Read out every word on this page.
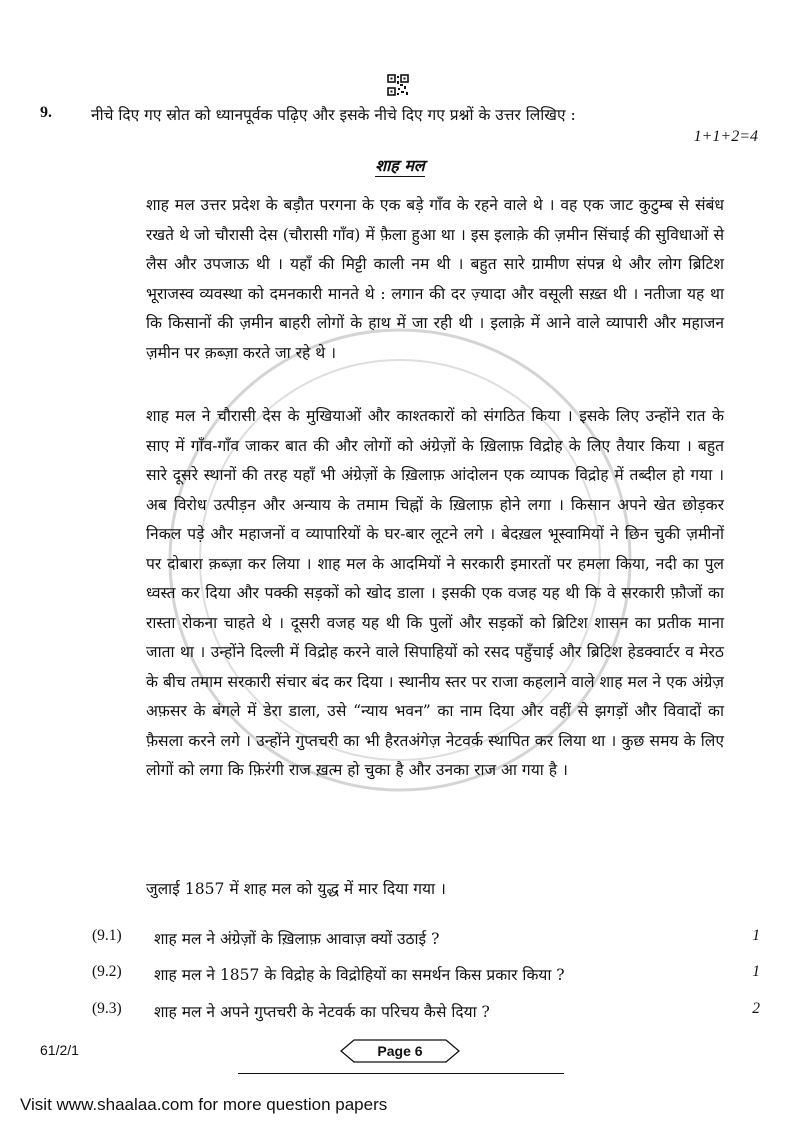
9.	नीचे दिए गए स्रोत को ध्यानपूर्वक पढ़िए और इसके नीचे दिए गए प्रश्नों के उत्तर लिखिए :
1+1+2=4
शाह मल
शाह मल उत्तर प्रदेश के बड़ौत परगना के एक बड़े गाँव के रहने वाले थे । वह एक जाट कुटुम्ब से संबंध रखते थे जो चौरासी देस (चौरासी गाँव) में फ़ैला हुआ था । इस इलाक़े की ज़मीन सिंचाई की सुविधाओं से लैस और उपजाऊ थी । यहाँ की मिट्टी काली नम थी । बहुत सारे ग्रामीण संपन्न थे और लोग ब्रिटिश भूराजस्व व्यवस्था को दमनकारी मानते थे : लगान की दर ज़्यादा और वसूली सख़्त थी । नतीजा यह था कि किसानों की ज़मीन बाहरी लोगों के हाथ में जा रही थी । इलाक़े में आने वाले व्यापारी और महाजन ज़मीन पर क़ब्ज़ा करते जा रहे थे ।
शाह मल ने चौरासी देस के मुखियाओं और काश्तकारों को संगठित किया । इसके लिए उन्होंने रात के साए में गाँव-गाँव जाकर बात की और लोगों को अंग्रेज़ों के ख़िलाफ़ विद्रोह के लिए तैयार किया । बहुत सारे दूसरे स्थानों की तरह यहाँ भी अंग्रेज़ों के ख़िलाफ़ आंदोलन एक व्यापक विद्रोह में तब्दील हो गया । अब विरोध उत्पीड़न और अन्याय के तमाम चिह्नों के ख़िलाफ़ होने लगा । किसान अपने खेत छोड़कर निकल पड़े और महाजनों व व्यापारियों के घर-बार लूटने लगे । बेदख़ल भूस्वामियों ने छिन चुकी ज़मीनों पर दोबारा क़ब्ज़ा कर लिया । शाह मल के आदमियों ने सरकारी इमारतों पर हमला किया, नदी का पुल ध्वस्त कर दिया और पक्की सड़कों को खोद डाला । इसकी एक वजह यह थी कि वे सरकारी फ़ौजों का रास्ता रोकना चाहते थे । दूसरी वजह यह थी कि पुलों और सड़कों को ब्रिटिश शासन का प्रतीक माना जाता था । उन्होंने दिल्ली में विद्रोह करने वाले सिपाहियों को रसद पहुँचाई और ब्रिटिश हेडक्वार्टर व मेरठ के बीच तमाम सरकारी संचार बंद कर दिया । स्थानीय स्तर पर राजा कहलाने वाले शाह मल ने एक अंग्रेज़ अफ़सर के बंगले में डेरा डाला, उसे “न्याय भवन” का नाम दिया और वहीं से झगड़ों और विवादों का फ़ैसला करने लगे । उन्होंने गुप्तचरी का भी हैरतअंगेज़ नेटवर्क स्थापित कर लिया था । कुछ समय के लिए लोगों को लगा कि फ़िरंगी राज ख़त्म हो चुका है और उनका राज आ गया है ।
जुलाई 1857 में शाह मल को युद्ध में मार दिया गया ।
(9.1) शाह मल ने अंग्रेज़ों के ख़िलाफ़ आवाज़ क्यों उठाई ?	1
(9.2) शाह मल ने 1857 के विद्रोह के विद्रोहियों का समर्थन किस प्रकार किया ?	1
(9.3) शाह मल ने अपने गुप्तचरी के नेटवर्क का परिचय कैसे दिया ?	2
61/2/1	Page 6
Visit www.shaalaa.com for more question papers
